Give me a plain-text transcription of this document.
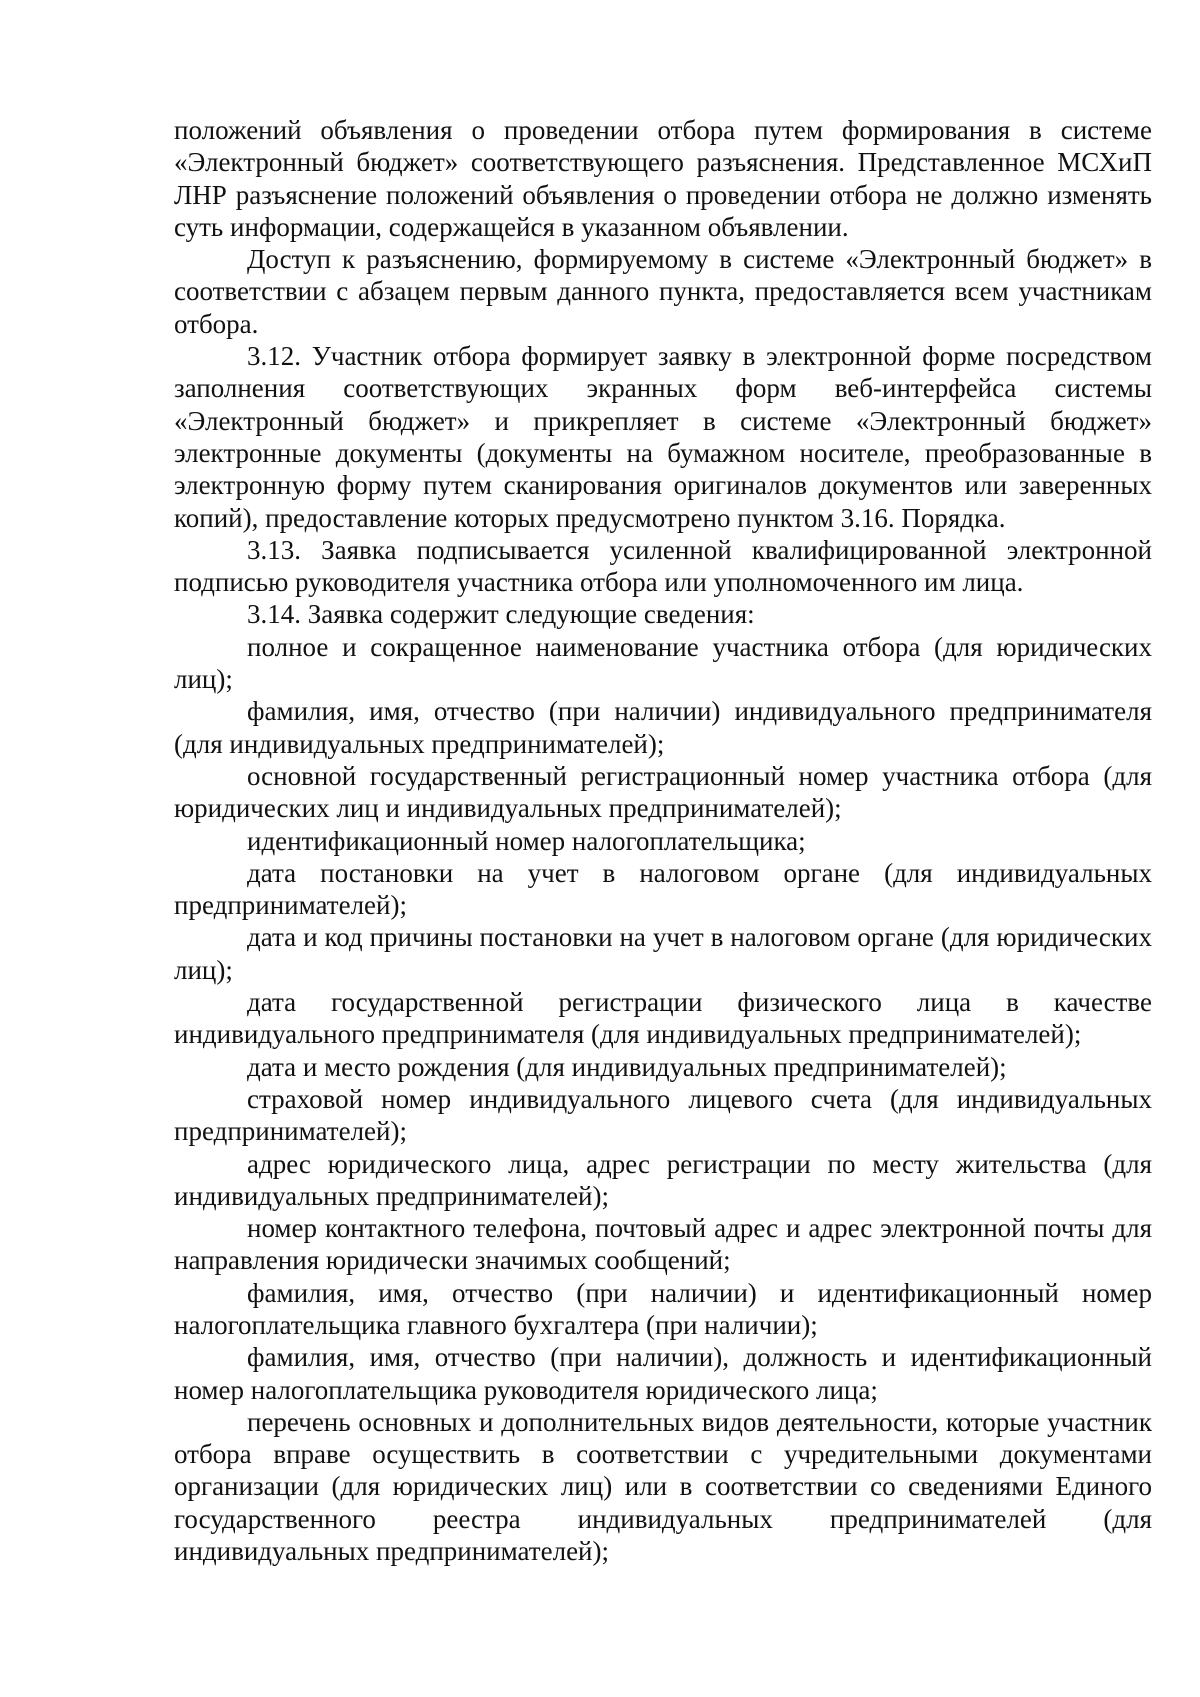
положений объявления о проведении отбора путем формирования в системе «Электронный бюджет» соответствующего разъяснения. Представленное МСХиП ЛНР разъяснение положений объявления о проведении отбора не должно изменять суть информации, содержащейся в указанном объявлении.

Доступ к разъяснению, формируемому в системе «Электронный бюджет» в соответствии с абзацем первым данного пункта, предоставляется всем участникам отбора.

3.12. Участник отбора формирует заявку в электронной форме посредством заполнения соответствующих экранных форм веб-интерфейса системы «Электронный бюджет» и прикрепляет в системе «Электронный бюджет» электронные документы (документы на бумажном носителе, преобразованные в электронную форму путем сканирования оригиналов документов или заверенных копий), предоставление которых предусмотрено пунктом 3.16. Порядка.

3.13. Заявка подписывается усиленной квалифицированной электронной подписью руководителя участника отбора или уполномоченного им лица.

3.14. Заявка содержит следующие сведения:

полное и сокращенное наименование участника отбора (для юридических лиц);

фамилия, имя, отчество (при наличии) индивидуального предпринимателя (для индивидуальных предпринимателей);

основной государственный регистрационный номер участника отбора (для юридических лиц и индивидуальных предпринимателей);

идентификационный номер налогоплательщика;

дата постановки на учет в налоговом органе (для индивидуальных предпринимателей);

дата и код причины постановки на учет в налоговом органе (для юридических лиц);

дата государственной регистрации физического лица в качестве индивидуального предпринимателя (для индивидуальных предпринимателей);

дата и место рождения (для индивидуальных предпринимателей);

страховой номер индивидуального лицевого счета (для индивидуальных предпринимателей);

адрес юридического лица, адрес регистрации по месту жительства (для индивидуальных предпринимателей);

номер контактного телефона, почтовый адрес и адрес электронной почты для направления юридически значимых сообщений;

фамилия, имя, отчество (при наличии) и идентификационный номер налогоплательщика главного бухгалтера (при наличии);

фамилия, имя, отчество (при наличии), должность и идентификационный номер налогоплательщика руководителя юридического лица;

перечень основных и дополнительных видов деятельности, которые участник отбора вправе осуществить в соответствии с учредительными документами организации (для юридических лиц) или в соответствии со сведениями Единого государственного реестра индивидуальных предпринимателей (для индивидуальных предпринимателей);
